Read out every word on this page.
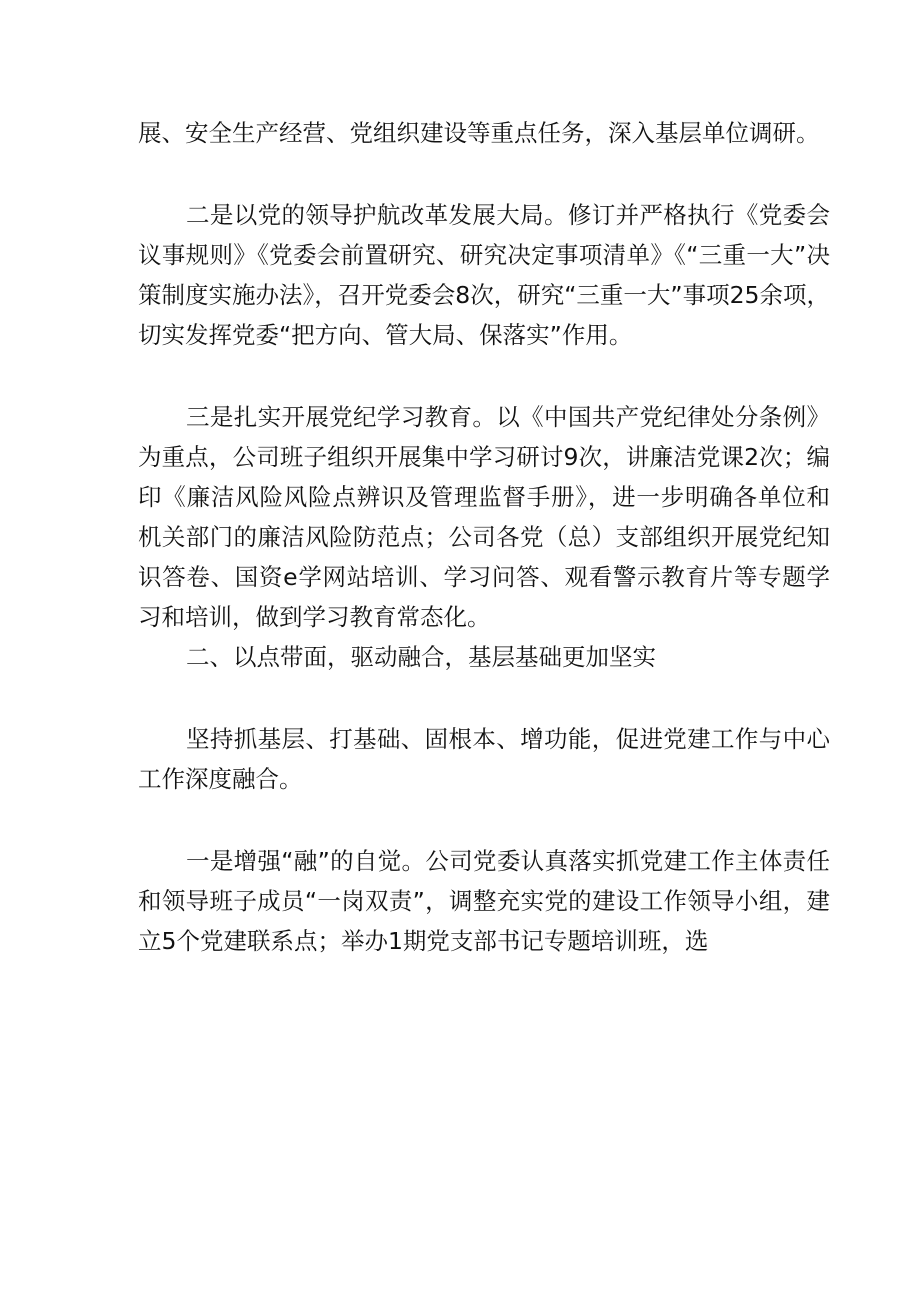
展、安全生产经营、党组织建设等重点任务，深入基层单位调研。

二是以党的领导护航改革发展大局。修订并严格执行《党委会议事规则》《党委会前置研究、研究决定事项清单》《“三重一大”决策制度实施办法》，召开党委会8次，研究“三重一大”事项25余项，切实发挥党委“把方向、管大局、保落实”作用。

三是扎实开展党纪学习教育。以《中国共产党纪律处分条例》为重点，公司班子组织开展集中学习研讨9次，讲廉洁党课2次；编印《廉洁风险风险点辨识及管理监督手册》，进一步明确各单位和机关部门的廉洁风险防范点；公司各党（总）支部组织开展党纪知识答卷、国资e学网站培训、学习问答、观看警示教育片等专题学习和培训，做到学习教育常态化。

二、以点带面，驱动融合，基层基础更加坚实

坚持抓基层、打基础、固根本、增功能，促进党建工作与中心工作深度融合。

一是增强“融”的自觉。公司党委认真落实抓党建工作主体责任和领导班子成员“一岗双责”，调整充实党的建设工作领导小组，建立5个党建联系点；举办1期党支部书记专题培训班，选
